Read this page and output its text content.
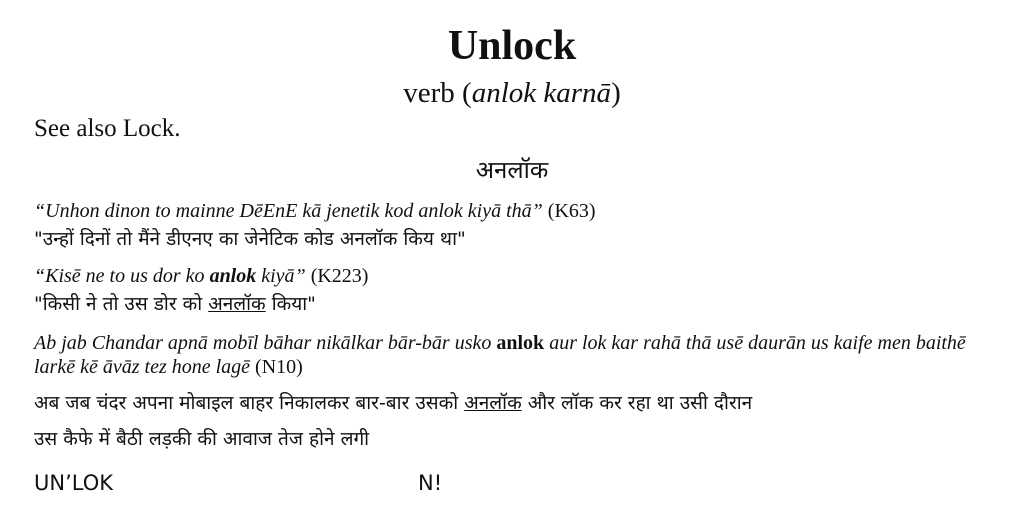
Unlock
verb (anlok karnā)
See also Lock.
अनलॉक
“Unhon dinon to mainne DēEnE kā jenetik kod anlok kiyā thā” (K63)
"उन्हों दिनों तो मैंने डीएनए का जेनेटिक कोड अनलॉक किय था"
“Kisē ne to us dor ko anlok kiyā” (K223)
"किसी ने तो उस डोर को अनलॉक किया"
Ab jab Chandar apnā mobīl bāhar nikālkar bār-bār usko anlok aur lok kar rahā thā usē daurān us kaife men baithē larkē kē āvāz tez hone lagē (N10)
अब जब चंदर अपना मोबाइल बाहर निकालकर बार-बार उसको अनलॉक और लॉक कर रहा था उसी दौरान
उस कैफे में बैठी लड़की की आवाज तेज होने लगी
UN’LOK	N!
